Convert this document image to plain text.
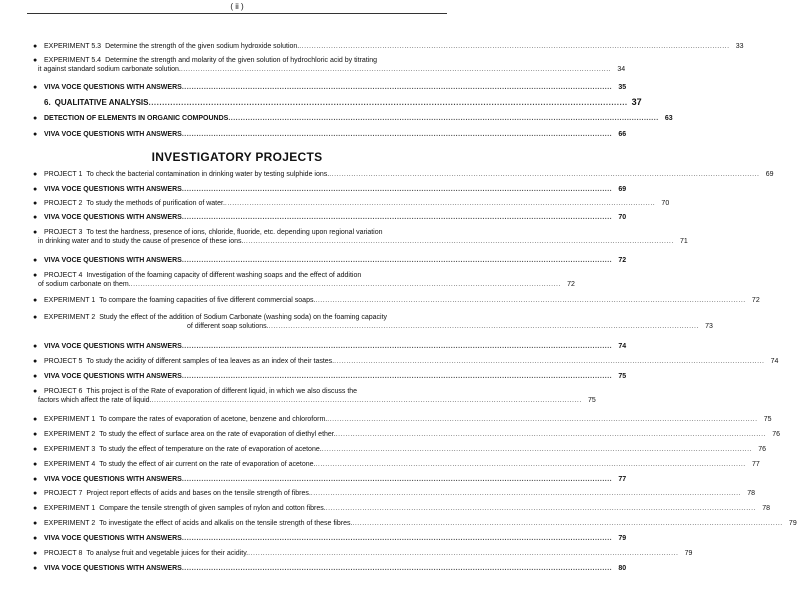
( ii )
● EXPERIMENT 5.3 Determine the strength of the given sodium hydroxide solution. .....	33
● EXPERIMENT 5.4 Determine the strength and molarity of the given solution of hydrochloric acid by titrating
it against standard sodium carbonate solution. .....	34
● VIVA VOCE QUESTIONS WITH ANSWERS .....	35
6. QUALITATIVE ANALYSIS .....	37
● DETECTION OF ELEMENTS IN ORGANIC COMPOUNDS .....	63
● VIVA VOCE QUESTIONS WITH ANSWERS .....	66
INVESTIGATORY PROJECTS
● PROJECT 1 To check the bacterial contamination in drinking water by testing sulphide ions. .....	69
● VIVA VOCE QUESTIONS WITH ANSWERS .....	69
● PROJECT 2 To study the methods of purification of water. .....	70
● VIVA VOCE QUESTIONS WITH ANSWERS .....	70
● PROJECT 3 To test the hardness, presence of ions, chloride, fluoride, etc. depending upon regional variation
in drinking water and to study the cause of presence of these ions. .....	71
● VIVA VOCE QUESTIONS WITH ANSWERS .....	72
● PROJECT 4 Investigation of the foaming capacity of different washing soaps and the effect of addition
of sodium carbonate on them. .....	72
● EXPERIMENT 1 To compare the foaming capacities of five different commercial soaps. .....	72
● EXPERIMENT 2 Study the effect of the addition of Sodium Carbonate (washing soda) on the foaming capacity
of different soap solutions. .....	73
● VIVA VOCE QUESTIONS WITH ANSWERS .....	74
● PROJECT 5 To study the acidity of different samples of tea leaves as an index of their tastes. .....	74
● VIVA VOCE QUESTIONS WITH ANSWERS .....	75
● PROJECT 6 This project is of the Rate of evaporation of different liquid, in which we also discuss the
factors which affect the rate of liquid. .....	75
● EXPERIMENT 1 To compare the rates of evaporation of acetone, benzene and chloroform. .....	75
● EXPERIMENT 2 To study the effect of surface area on the rate of evaporation of diethyl ether. .....	76
● EXPERIMENT 3 To study the effect of temperature on the rate of evaporation of acetone. .....	76
● EXPERIMENT 4 To study the effect of air current on the rate of evaporation of acetone. .....	77
● VIVA VOCE QUESTIONS WITH ANSWERS .....	77
● PROJECT 7 Project report effects of acids and bases on the tensile strength of fibres. .....	78
● EXPERIMENT 1 Compare the tensile strength of given samples of nylon and cotton fibres. .....	78
● EXPERIMENT 2 To investigate the effect of acids and alkalis on the tensile strength of these fibres. .....	79
● VIVA VOCE QUESTIONS WITH ANSWERS .....	79
● PROJECT 8 To analyse fruit and vegetable juices for their acidity. .....	79
● VIVA VOCE QUESTIONS WITH ANSWERS .....	80
